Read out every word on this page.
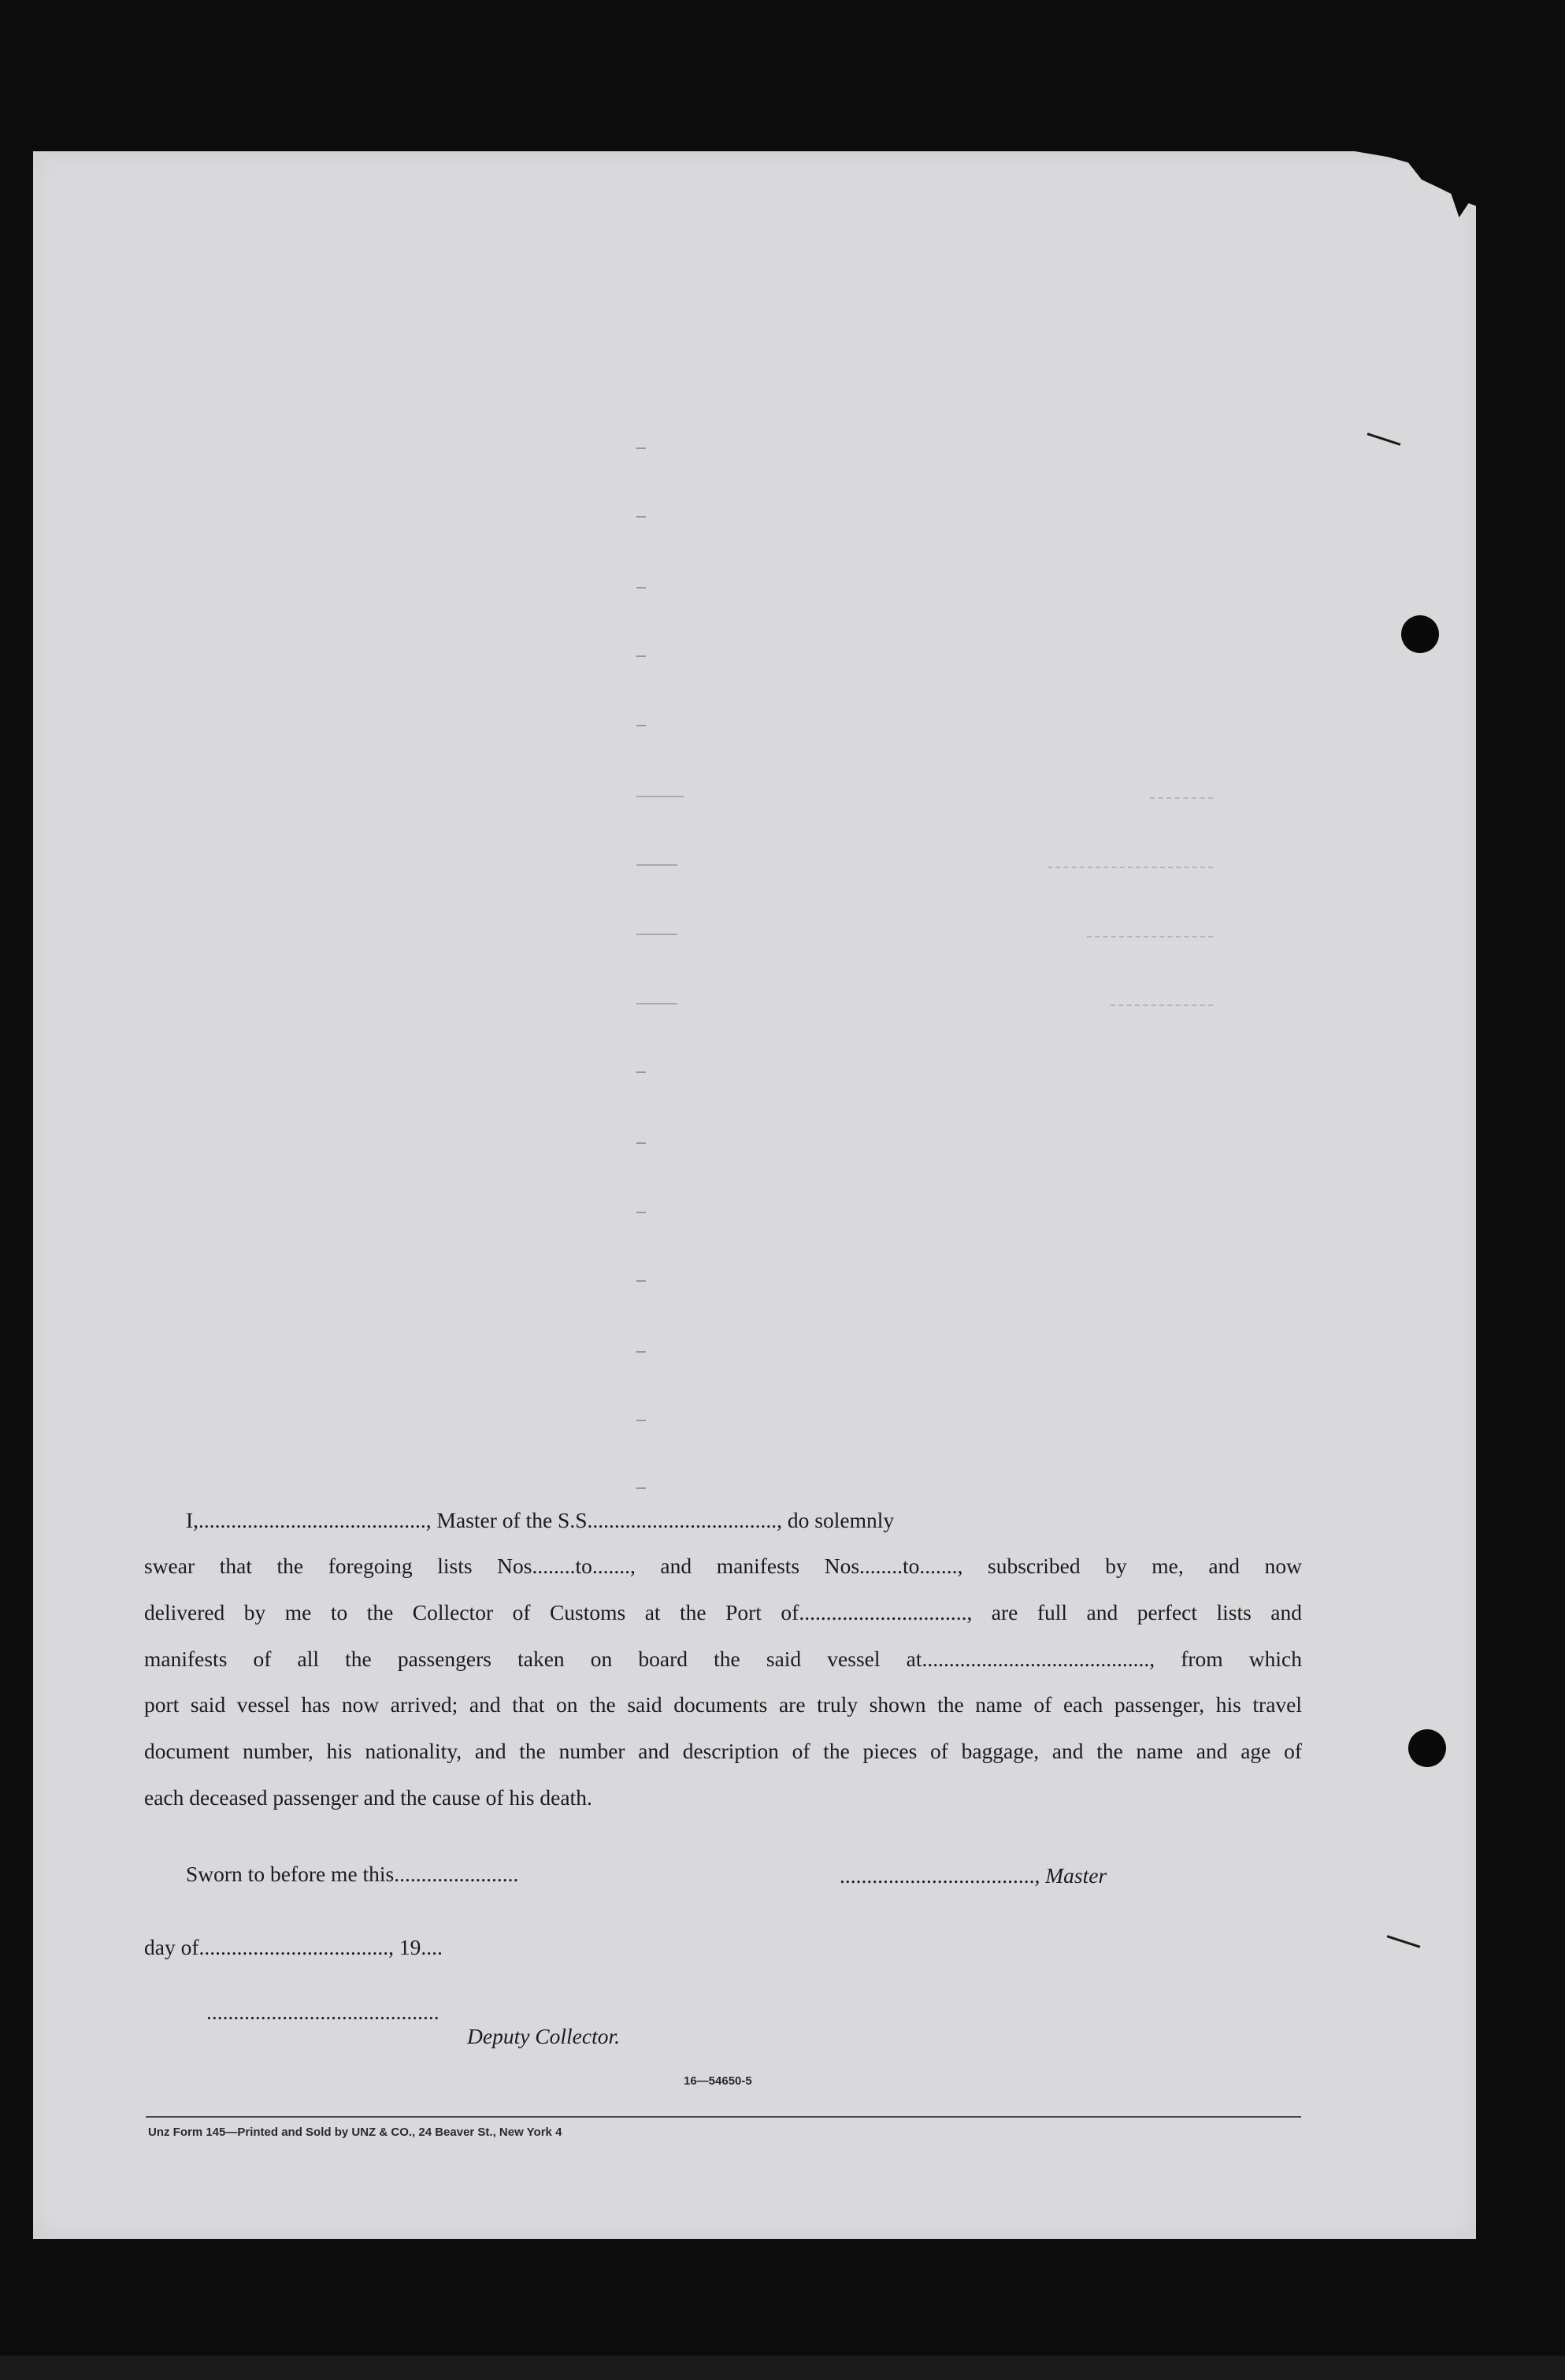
I,.........................................., Master of the S.S..................................., do solemnly
swear that the foregoing lists Nos........to......., and manifests Nos........to......., subscribed by me, and now
delivered by me to the Collector of Customs at the Port of..............................., are full and perfect lists and
manifests of all the passengers taken on board the said vessel at.........................................., from which
port said vessel has now arrived; and that on the said documents are truly shown the name of each passenger, his travel
document number, his nationality, and the number and description of the pieces of baggage, and the name and age of
each deceased passenger and the cause of his death.
Sworn to before me this.......................	...................................., Master
day of..................................., 19....
...........................................
Deputy Collector.
16—54650-5
Unz Form 145—Printed and Sold by UNZ & CO., 24 Beaver St., New York 4
